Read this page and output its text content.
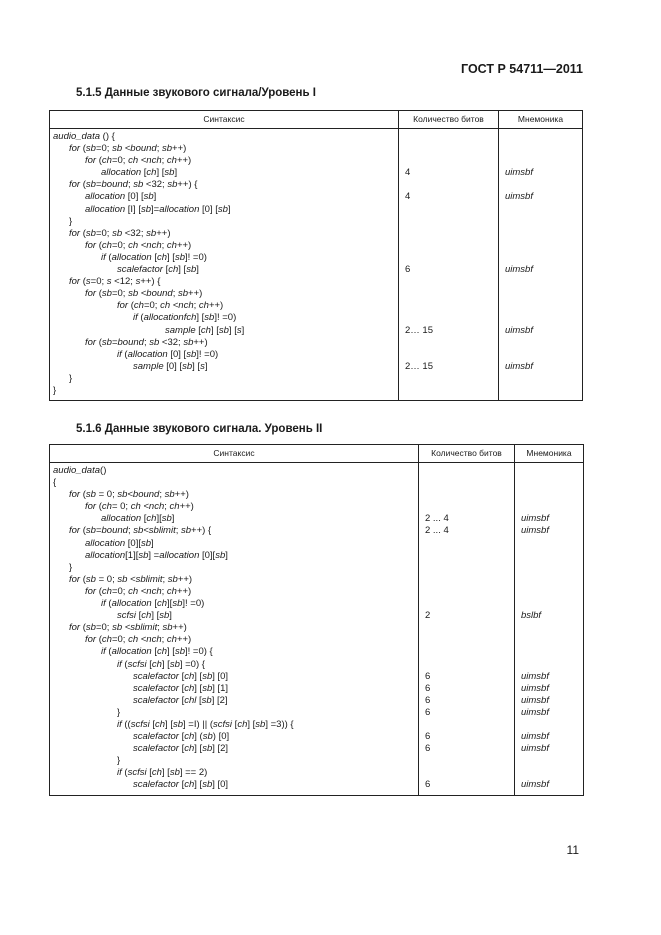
ГОСТ Р 54711—2011
5.1.5 Данные звукового сигнала/Уровень I
Синтаксис	Количество битов	Мнемоника
audio_data () {		
for (sb=0; sb <bound; sb++)		
for (ch=0; ch <nch; ch++)		
allocation [ch] [sb]	4	uimsbf
for (sb=bound; sb <32; sb++) {		
allocation [0] [sb]	4	uimsbf
allocation [I] [sb]=allocation [0] [sb]		
}		
for (sb=0; sb <32; sb++)		
for (ch=0; ch <nch; ch++)		
if (allocation [ch] [sb]! =0)		
scalefactor [ch] [sb]	6	uimsbf
for (s=0; s <12; s++) {		
for (sb=0; sb <bound; sb++)		
for (ch=0; ch <nch; ch++)		
if (allocationfch] [sb]! =0)		
sample [ch] [sb] [s]	2… 15	uimsbf
for (sb=bound; sb <32; sb++)		
if (allocation [0] [sb]! =0)		
sample [0] [sb] [s]	2… 15	uimsbf
}		
}		
5.1.6 Данные звукового сигнала. Уровень II
Синтаксис	Количество битов	Мнемоника
audio_data()		
{		
for (sb = 0; sb<bound; sb++)		
for (ch= 0; ch <nch; ch++)		
allocation [ch][sb]	2 ... 4	uimsbf
for (sb=bound; sb<sblimit; sb++) {	2 ... 4	uimsbf
allocation [0][sb]		
allocation[1][sb] =allocation [0][sb]		
}		
for (sb = 0; sb <sblimit; sb++)		
for (ch=0; ch <nch; ch++)		
if (allocation [ch][sb]! =0)		
scfsi [ch] [sb]	2	bslbf
for (sb=0; sb <sblimit; sb++)		
for (ch=0; ch <nch; ch++)		
if (allocation [ch] [sb]! =0) {		
if (scfsi [ch] [sb] =0) {		
scalefactor [ch] [sb] [0]	6	uimsbf
scalefactor [ch] [sb] [1]	6	uimsbf
scalefactor [chl [sb] [2]	6	uimsbf
}	6	uimsbf
if ((scfsi [ch] [sb] =I) || (scfsi [ch] [sb] =3)) {		
scalefactor [ch] (sb) [0]	6	uimsbf
scalefactor [ch] [sb] [2]	6	uimsbf
}		
if (scfsi [ch] [sb] == 2)		
scalefactor [ch] [sb] [0]	6	uimsbf
11
